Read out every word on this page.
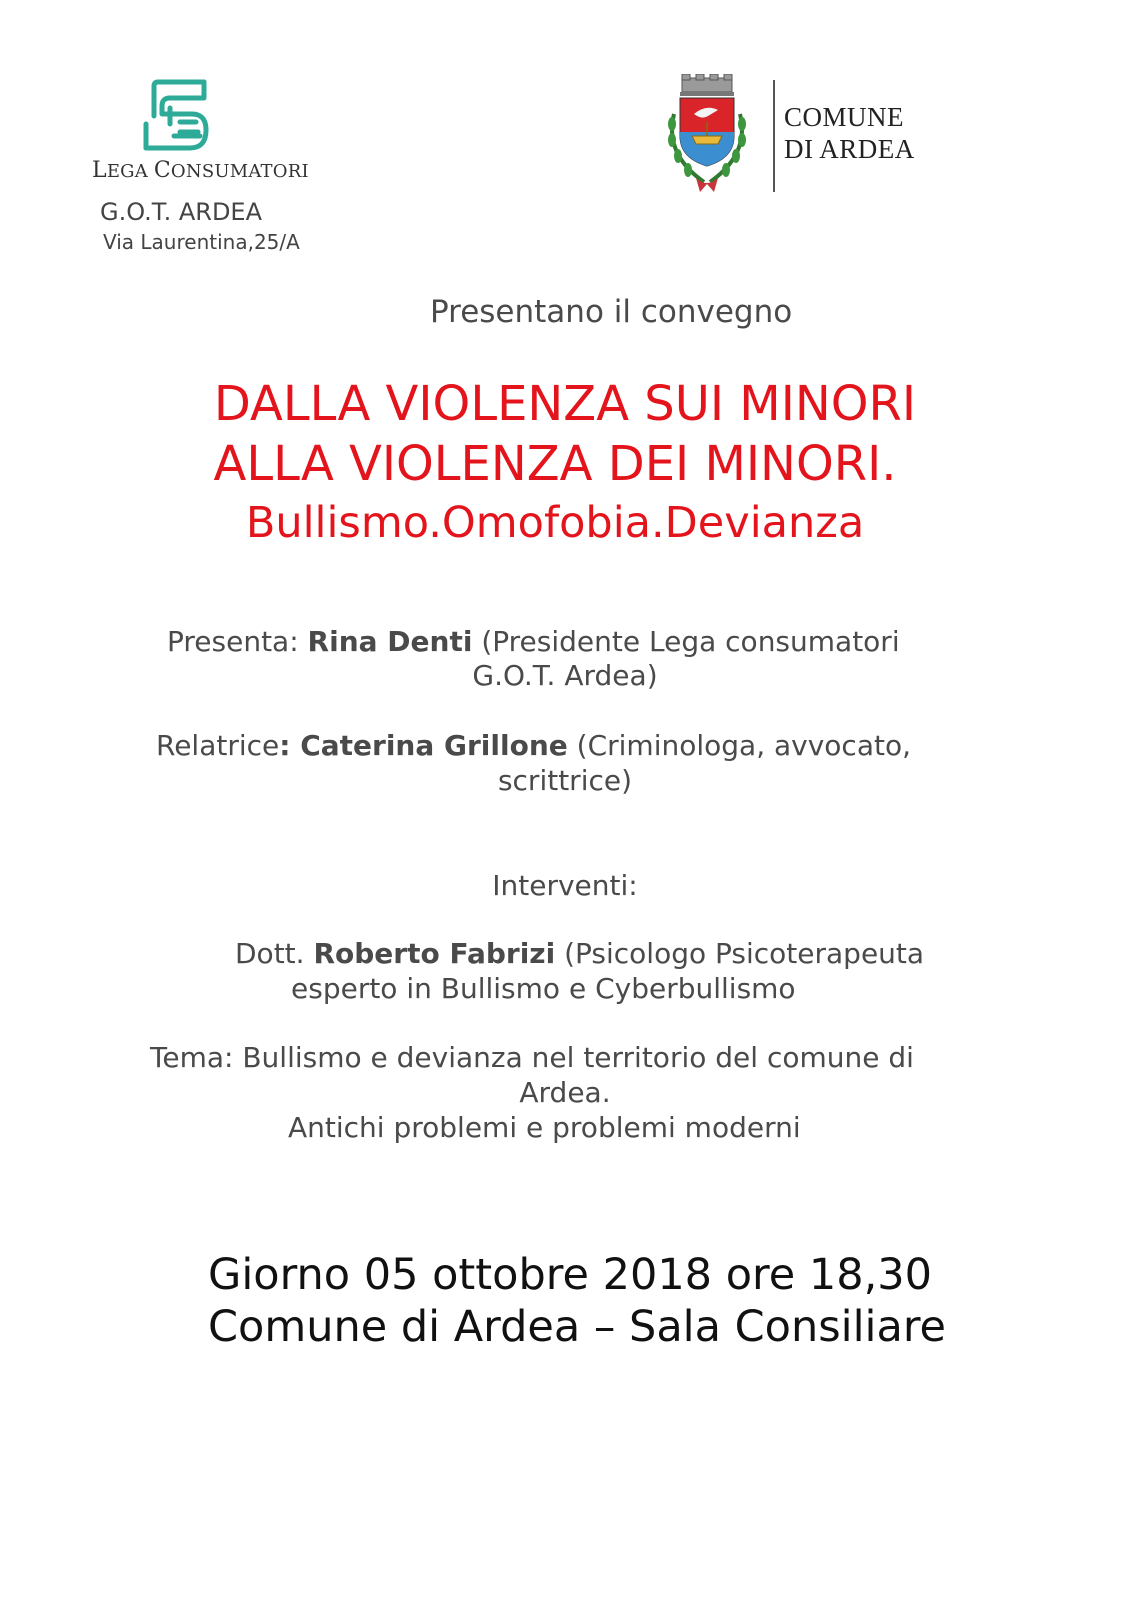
LEGA CONSUMATORI
G.O.T. ARDEA
Via Laurentina,25/A
COMUNE
DI ARDEA
Presentano il convegno
DALLA VIOLENZA SUI MINORI
ALLA VIOLENZA DEI MINORI.
Bullismo.Omofobia.Devianza
Presenta: Rina Denti (Presidente Lega consumatori
G.O.T. Ardea)
Relatrice: Caterina Grillone (Criminologa, avvocato,
scrittrice)
Interventi:
Dott. Roberto Fabrizi (Psicologo Psicoterapeuta
esperto in Bullismo e Cyberbullismo
Tema: Bullismo e devianza nel territorio del comune di
Ardea.
Antichi problemi e problemi moderni
Giorno 05 ottobre 2018 ore 18,30
Comune di Ardea – Sala Consiliare
